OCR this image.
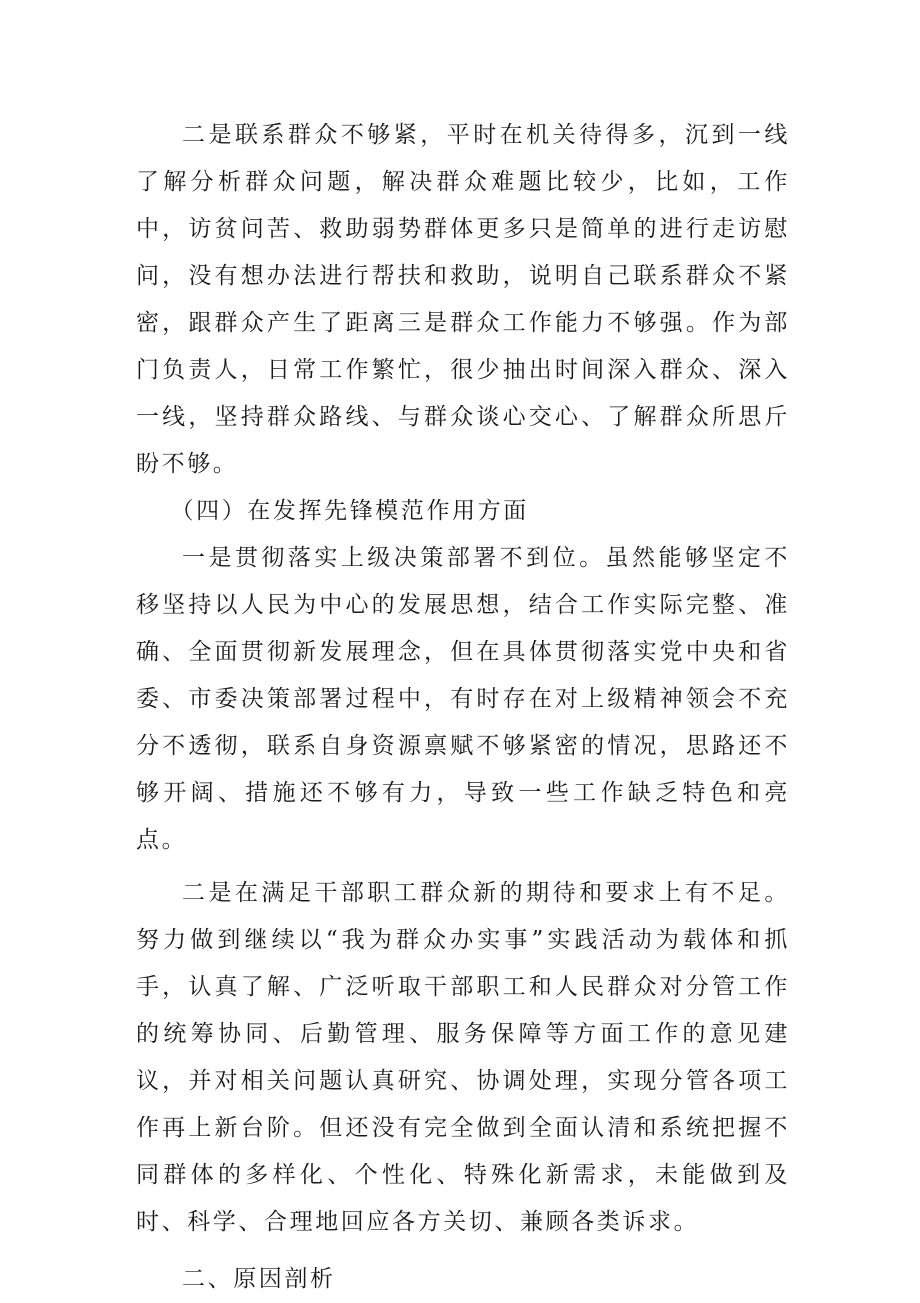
二是联系群众不够紧，平时在机关待得多，沉到一线了解分析群众问题，解决群众难题比较少，比如，工作中，访贫问苦、救助弱势群体更多只是简单的进行走访慰问，没有想办法进行帮扶和救助，说明自己联系群众不紧密，跟群众产生了距离三是群众工作能力不够强。作为部门负责人，日常工作繁忙，很少抽出时间深入群众、深入一线，坚持群众路线、与群众谈心交心、了解群众所思斤盼不够。

（四）在发挥先锋模范作用方面

一是贯彻落实上级决策部署不到位。虽然能够坚定不移坚持以人民为中心的发展思想，结合工作实际完整、准确、全面贯彻新发展理念，但在具体贯彻落实党中央和省委、市委决策部署过程中，有时存在对上级精神领会不充分不透彻，联系自身资源禀赋不够紧密的情况，思路还不够开阔、措施还不够有力，导致一些工作缺乏特色和亮点。

二是在满足干部职工群众新的期待和要求上有不足。努力做到继续以“我为群众办实事”实践活动为载体和抓手，认真了解、广泛听取干部职工和人民群众对分管工作的统筹协同、后勤管理、服务保障等方面工作的意见建议，并对相关问题认真研究、协调处理，实现分管各项工作再上新台阶。但还没有完全做到全面认清和系统把握不同群体的多样化、个性化、特殊化新需求，未能做到及时、科学、合理地回应各方关切、兼顾各类诉求。

二、原因剖析
